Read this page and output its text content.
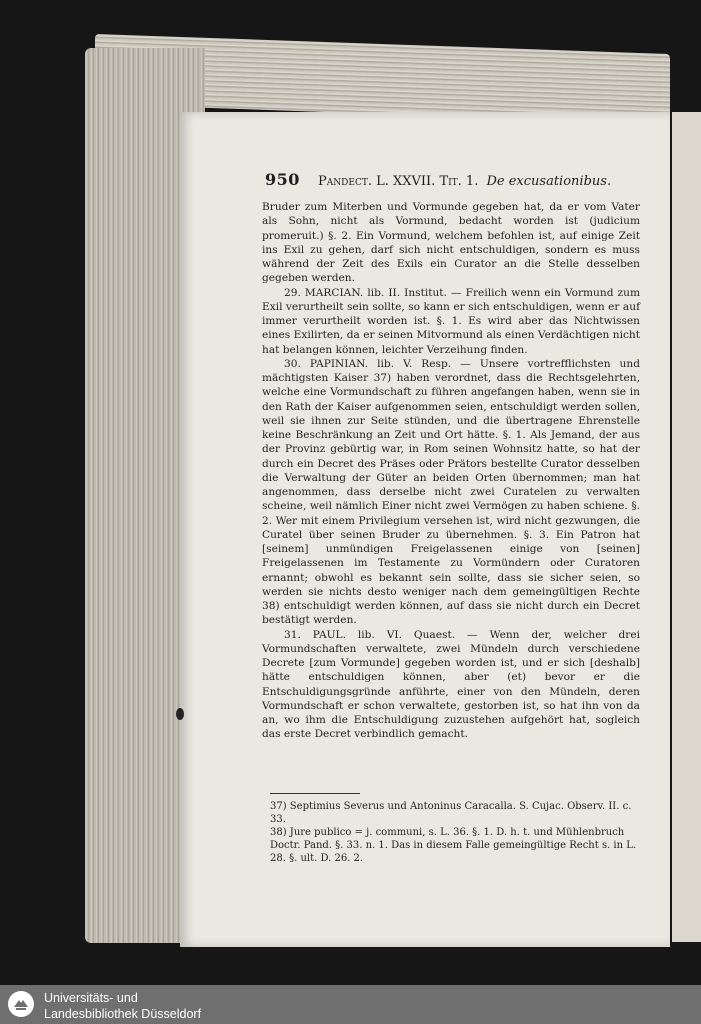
950 Pandect. L. XXVII. Tit. 1. De excusationibus.

Bruder zum Miterben und Vormunde gegeben hat, da er vom Vater als Sohn, nicht als Vormund, bedacht worden ist (judicium promeruit.) §. 2. Ein Vormund, welchem befohlen ist, auf einige Zeit ins Exil zu gehen, darf sich nicht entschuldigen, sondern es muss während der Zeit des Exils ein Curator an die Stelle desselben gegeben werden.

29. MARCIAN. lib. II. Institut. — Freilich wenn ein Vormund zum Exil verurtheilt sein sollte, so kann er sich entschuldigen, wenn er auf immer verurtheilt worden ist. §. 1. Es wird aber das Nichtwissen eines Exilirten, da er seinen Mitvormund als einen Verdächtigen nicht hat belangen können, leichter Verzeihung finden.

30. PAPINIAN. lib. V. Resp. — Unsere vortrefflichsten und mächtigsten Kaiser 37) haben verordnet, dass die Rechtsgelehrten, welche eine Vormundschaft zu führen angefangen haben, wenn sie in den Rath der Kaiser aufgenommen seien, entschuldigt werden sollen, weil sie ihnen zur Seite stünden, und die übertragene Ehrenstelle keine Beschränkung an Zeit und Ort hätte. §. 1. Als Jemand, der aus der Provinz gebürtig war, in Rom seinen Wohnsitz hatte, so hat der durch ein Decret des Präses oder Prätors bestellte Curator desselben die Verwaltung der Güter an beiden Orten übernommen; man hat angenommen, dass derselbe nicht zwei Curatelen zu verwalten scheine, weil nämlich Einer nicht zwei Vermögen zu haben schiene. §. 2. Wer mit einem Privilegium versehen ist, wird nicht gezwungen, die Curatel über seinen Bruder zu übernehmen. §. 3. Ein Patron hat [seinem] unmündigen Freigelassenen einige von [seinen] Freigelassenen im Testamente zu Vormündern oder Curatoren ernannt; obwohl es bekannt sein sollte, dass sie sicher seien, so werden sie nichts desto weniger nach dem gemeingültigen Rechte 38) entschuldigt werden können, auf dass sie nicht durch ein Decret bestätigt werden.

31. PAUL. lib. VI. Quaest. — Wenn der, welcher drei Vormundschaften verwaltete, zwei Mündeln durch verschiedene Decrete [zum Vormunde] gegeben worden ist, und er sich [deshalb] hätte entschuldigen können, aber (et) bevor er die Entschuldigungsgründe anführte, einer von den Mündeln, deren Vormundschaft er schon verwaltete, gestorben ist, so hat ihn von da an, wo ihm die Entschuldigung zuzustehen aufgehört hat, sogleich das erste Decret verbindlich gemacht.

37) Septimius Severus und Antoninus Caracalla. S. Cujac. Observ. II. c. 33.

38) Jure publico = j. communi, s. L. 36. §. 1. D. h. t. und Mühlenbruch Doctr. Pand. §. 33. n. 1. Das in diesem Falle gemeingültige Recht s. in L. 28. §. ult. D. 26. 2.

Universitäts- und
Landesbibliothek Düsseldorf
